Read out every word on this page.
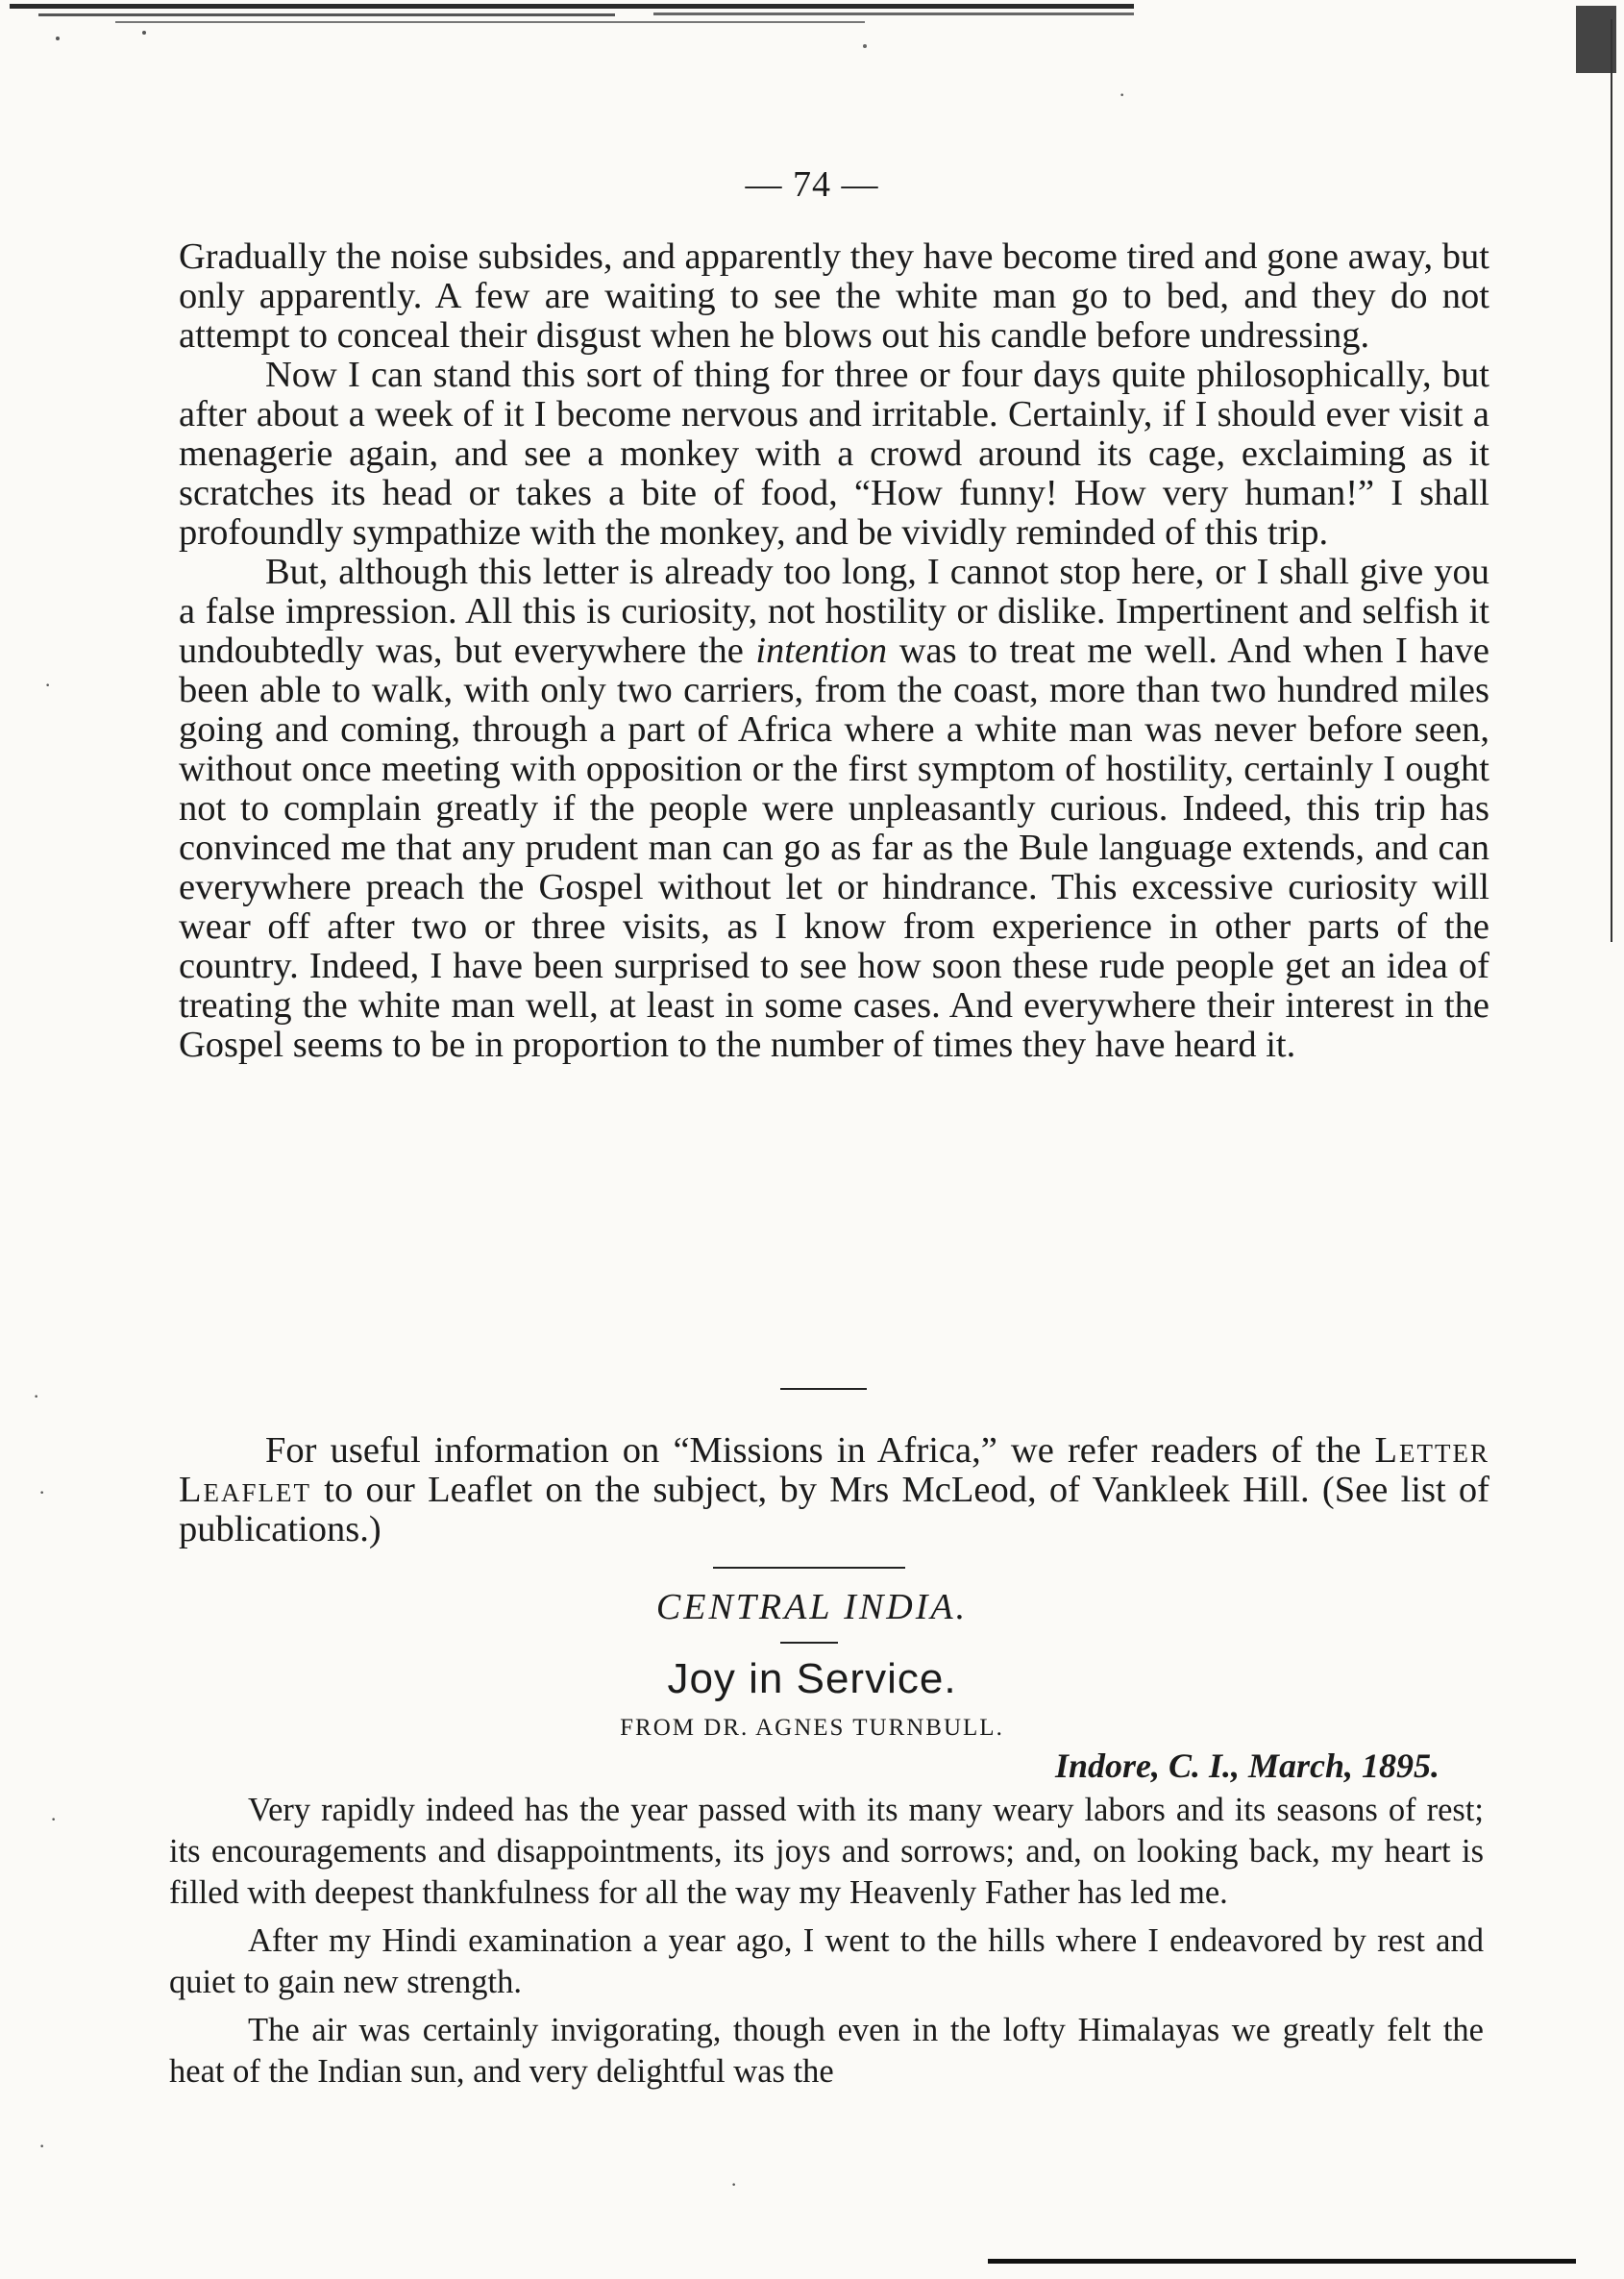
— 74 —

Gradually the noise subsides, and apparently they have become tired and gone away, but only apparently. A few are waiting to see the white man go to bed, and they do not attempt to conceal their disgust when he blows out his candle before undressing.

Now I can stand this sort of thing for three or four days quite philosophically, but after about a week of it I become nervous and irritable. Certainly, if I should ever visit a menagerie again, and see a monkey with a crowd around its cage, exclaiming as it scratches its head or takes a bite of food, “How funny! How very human!” I shall profoundly sympathize with the monkey, and be vividly reminded of this trip.

But, although this letter is already too long, I cannot stop here, or I shall give you a false impression. All this is curiosity, not hostility or dislike. Impertinent and selfish it undoubtedly was, but everywhere the intention was to treat me well. And when I have been able to walk, with only two carriers, from the coast, more than two hundred miles going and coming, through a part of Africa where a white man was never before seen, without once meeting with opposition or the first symptom of hostility, certainly I ought not to complain greatly if the people were unpleasantly curious. Indeed, this trip has convinced me that any prudent man can go as far as the Bule language extends, and can everywhere preach the Gospel without let or hindrance. This excessive curiosity will wear off after two or three visits, as I know from experience in other parts of the country. Indeed, I have been surprised to see how soon these rude people get an idea of treating the white man well, at least in some cases. And everywhere their interest in the Gospel seems to be in proportion to the number of times they have heard it.

For useful information on “Missions in Africa,” we refer readers of the Letter Leaflet to our Leaflet on the subject, by Mrs McLeod, of Vankleek Hill. (See list of publications.)

CENTRAL INDIA.
Joy in Service.
FROM DR. AGNES TURNBULL.
Indore, C. I., March, 1895.

Very rapidly indeed has the year passed with its many weary labors and its seasons of rest; its encouragements and disappointments, its joys and sorrows; and, on looking back, my heart is filled with deepest thankfulness for all the way my Heavenly Father has led me.

After my Hindi examination a year ago, I went to the hills where I endeavored by rest and quiet to gain new strength.

The air was certainly invigorating, though even in the lofty Himalayas we greatly felt the heat of the Indian sun, and very delightful was the

·
·
·
·
·
·
·
